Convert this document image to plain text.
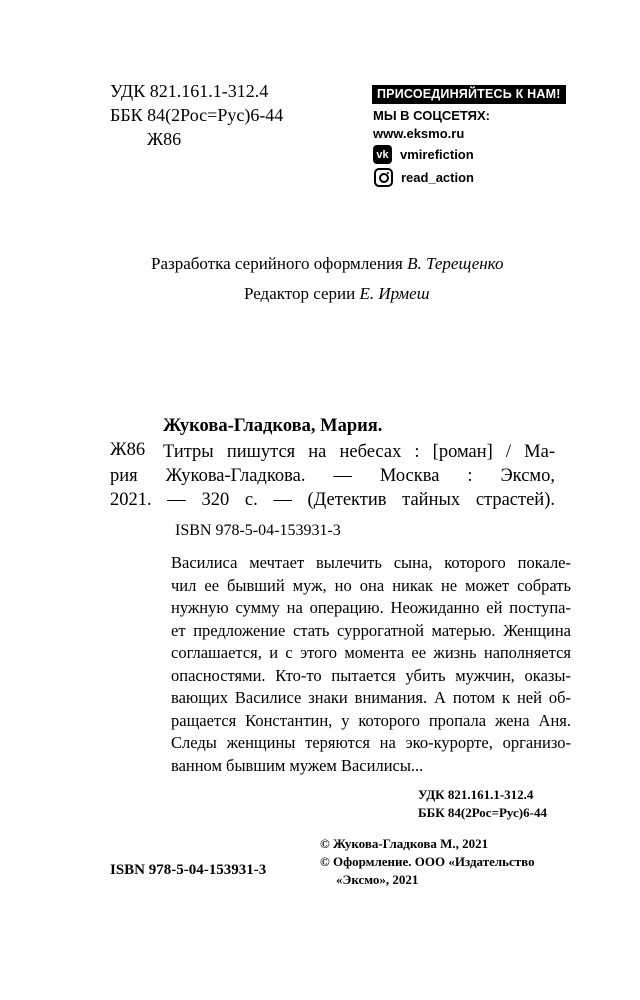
УДК 821.161.1-312.4
ББК 84(2Рос=Рус)6-44
Ж86
ПРИСОЕДИНЯЙТЕСЬ К НАМ!
МЫ В СОЦСЕТЯХ:
www.eksmo.ru
vk vmirefiction
read_action
Разработка серийного оформления В. Терещенко
Редактор серии Е. Ирмеш
Жукова-Гладкова, Мария.
Ж86 Титры пишутся на небесах : [роман] / Ма-
рия Жукова-Гладкова. — Москва : Эксмо,
2021. — 320 с. — (Детектив тайных страстей).
ISBN 978-5-04-153931-3
Василиса мечтает вылечить сына, которого покале-
чил ее бывший муж, но она никак не может собрать
нужную сумму на операцию. Неожиданно ей поступа-
ет предложение стать суррогатной матерью. Женщина
соглашается, и с этого момента ее жизнь наполняется
опасностями. Кто-то пытается убить мужчин, оказы-
вающих Василисе знаки внимания. А потом к ней об-
ращается Константин, у которого пропала жена Аня.
Следы женщины теряются на эко-курорте, организо-
ванном бывшим мужем Василисы...
УДК 821.161.1-312.4
ББК 84(2Рос=Рус)6-44
ISBN 978-5-04-153931-3
© Жукова-Гладкова М., 2021
© Оформление. ООО «Издательство
«Эксмо», 2021
